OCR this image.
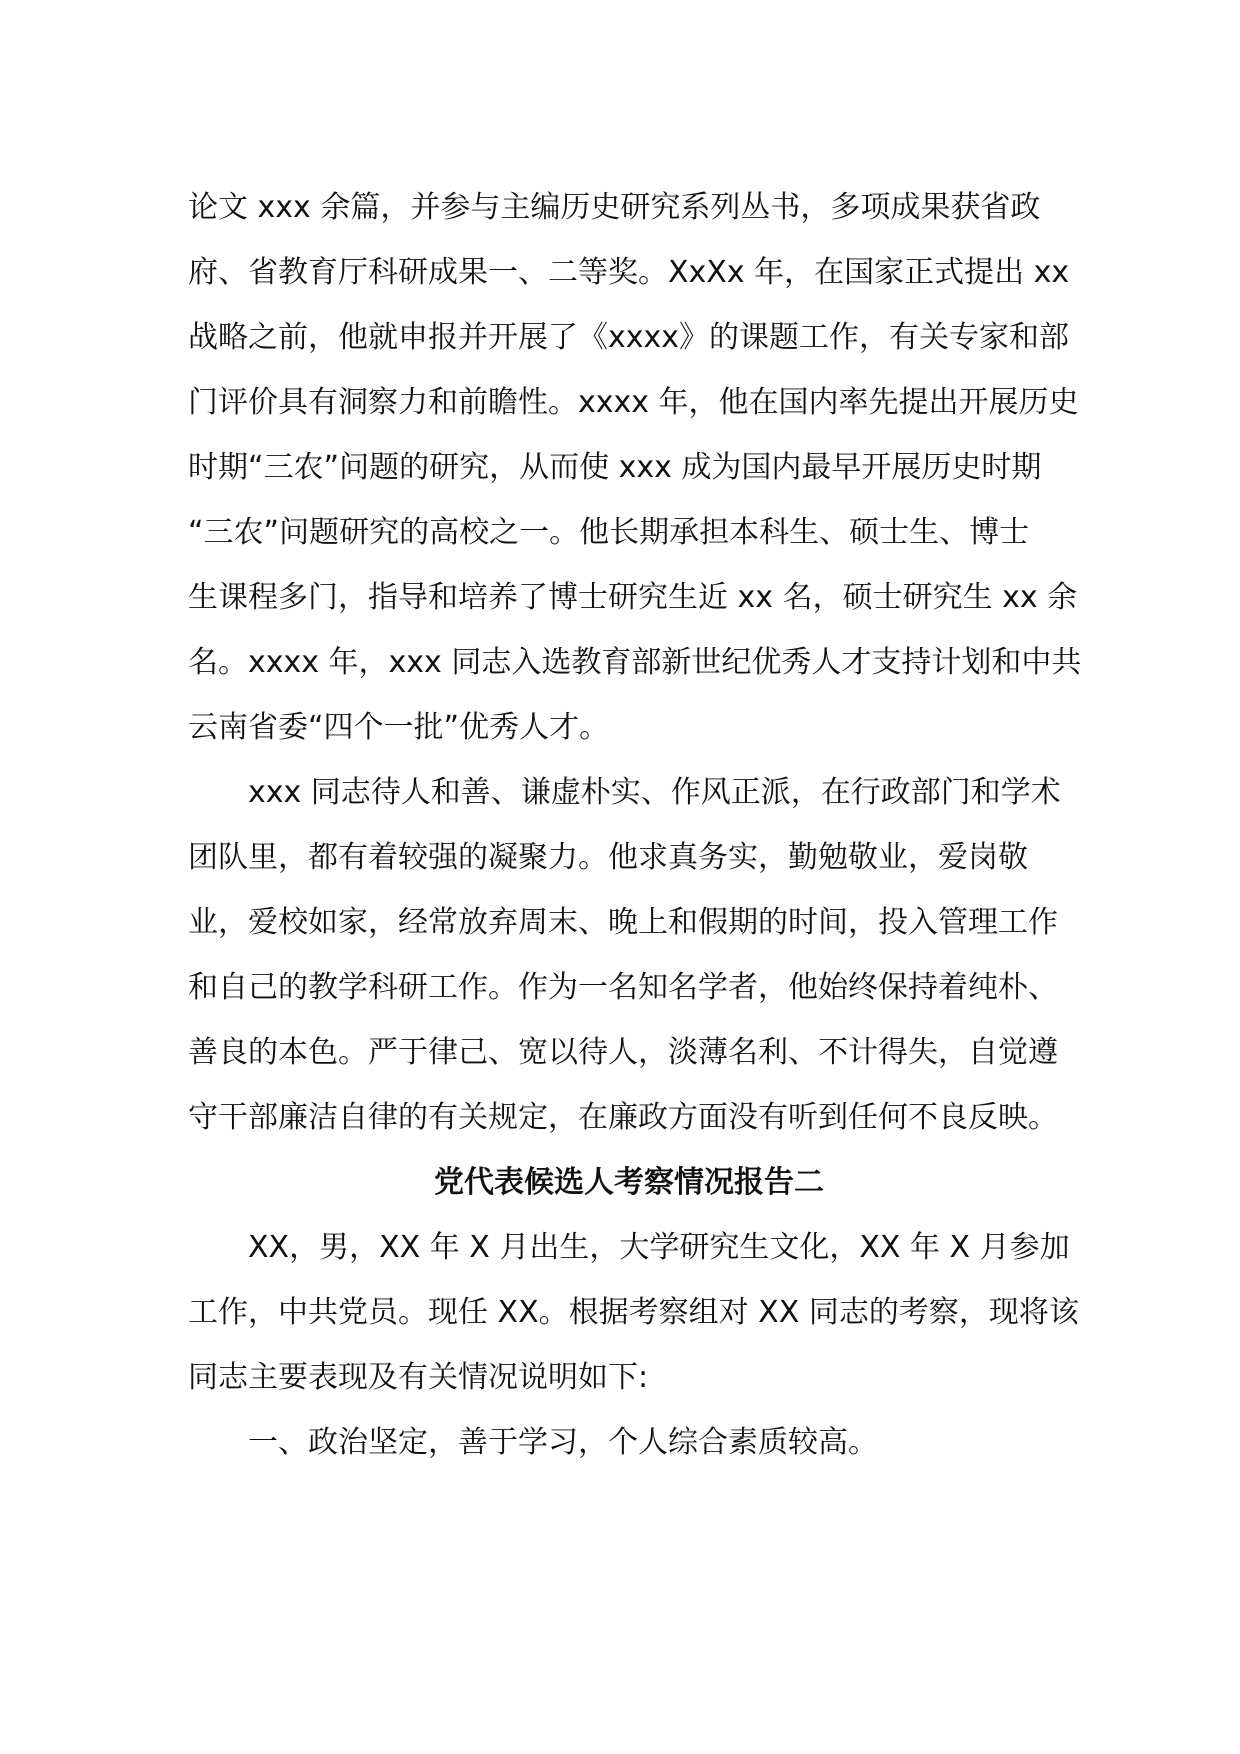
论文 xxx 余篇，并参与主编历史研究系列丛书，多项成果获省政
府、省教育厅科研成果一、二等奖。XxXx 年，在国家正式提出 xx
战略之前，他就申报并开展了《xxxx》的课题工作，有关专家和部
门评价具有洞察力和前瞻性。xxxx 年，他在国内率先提出开展历史
时期“三农”问题的研究，从而使 xxx 成为国内最早开展历史时期
“三农”问题研究的高校之一。他长期承担本科生、硕士生、博士
生课程多门，指导和培养了博士研究生近 xx 名，硕士研究生 xx 余
名。xxxx 年，xxx 同志入选教育部新世纪优秀人才支持计划和中共
云南省委“四个一批”优秀人才。
　　xxx 同志待人和善、谦虚朴实、作风正派，在行政部门和学术
团队里，都有着较强的凝聚力。他求真务实，勤勉敬业，爱岗敬
业，爱校如家，经常放弃周末、晚上和假期的时间，投入管理工作
和自己的教学科研工作。作为一名知名学者，他始终保持着纯朴、
善良的本色。严于律己、宽以待人，淡薄名利、不计得失，自觉遵
守干部廉洁自律的有关规定，在廉政方面没有听到任何不良反映。
党代表候选人考察情况报告二
　　XX，男，XX 年 X 月出生，大学研究生文化，XX 年 X 月参加
工作，中共党员。现任 XX。根据考察组对 XX 同志的考察，现将该
同志主要表现及有关情况说明如下:
　　一、政治坚定，善于学习，个人综合素质较高。
